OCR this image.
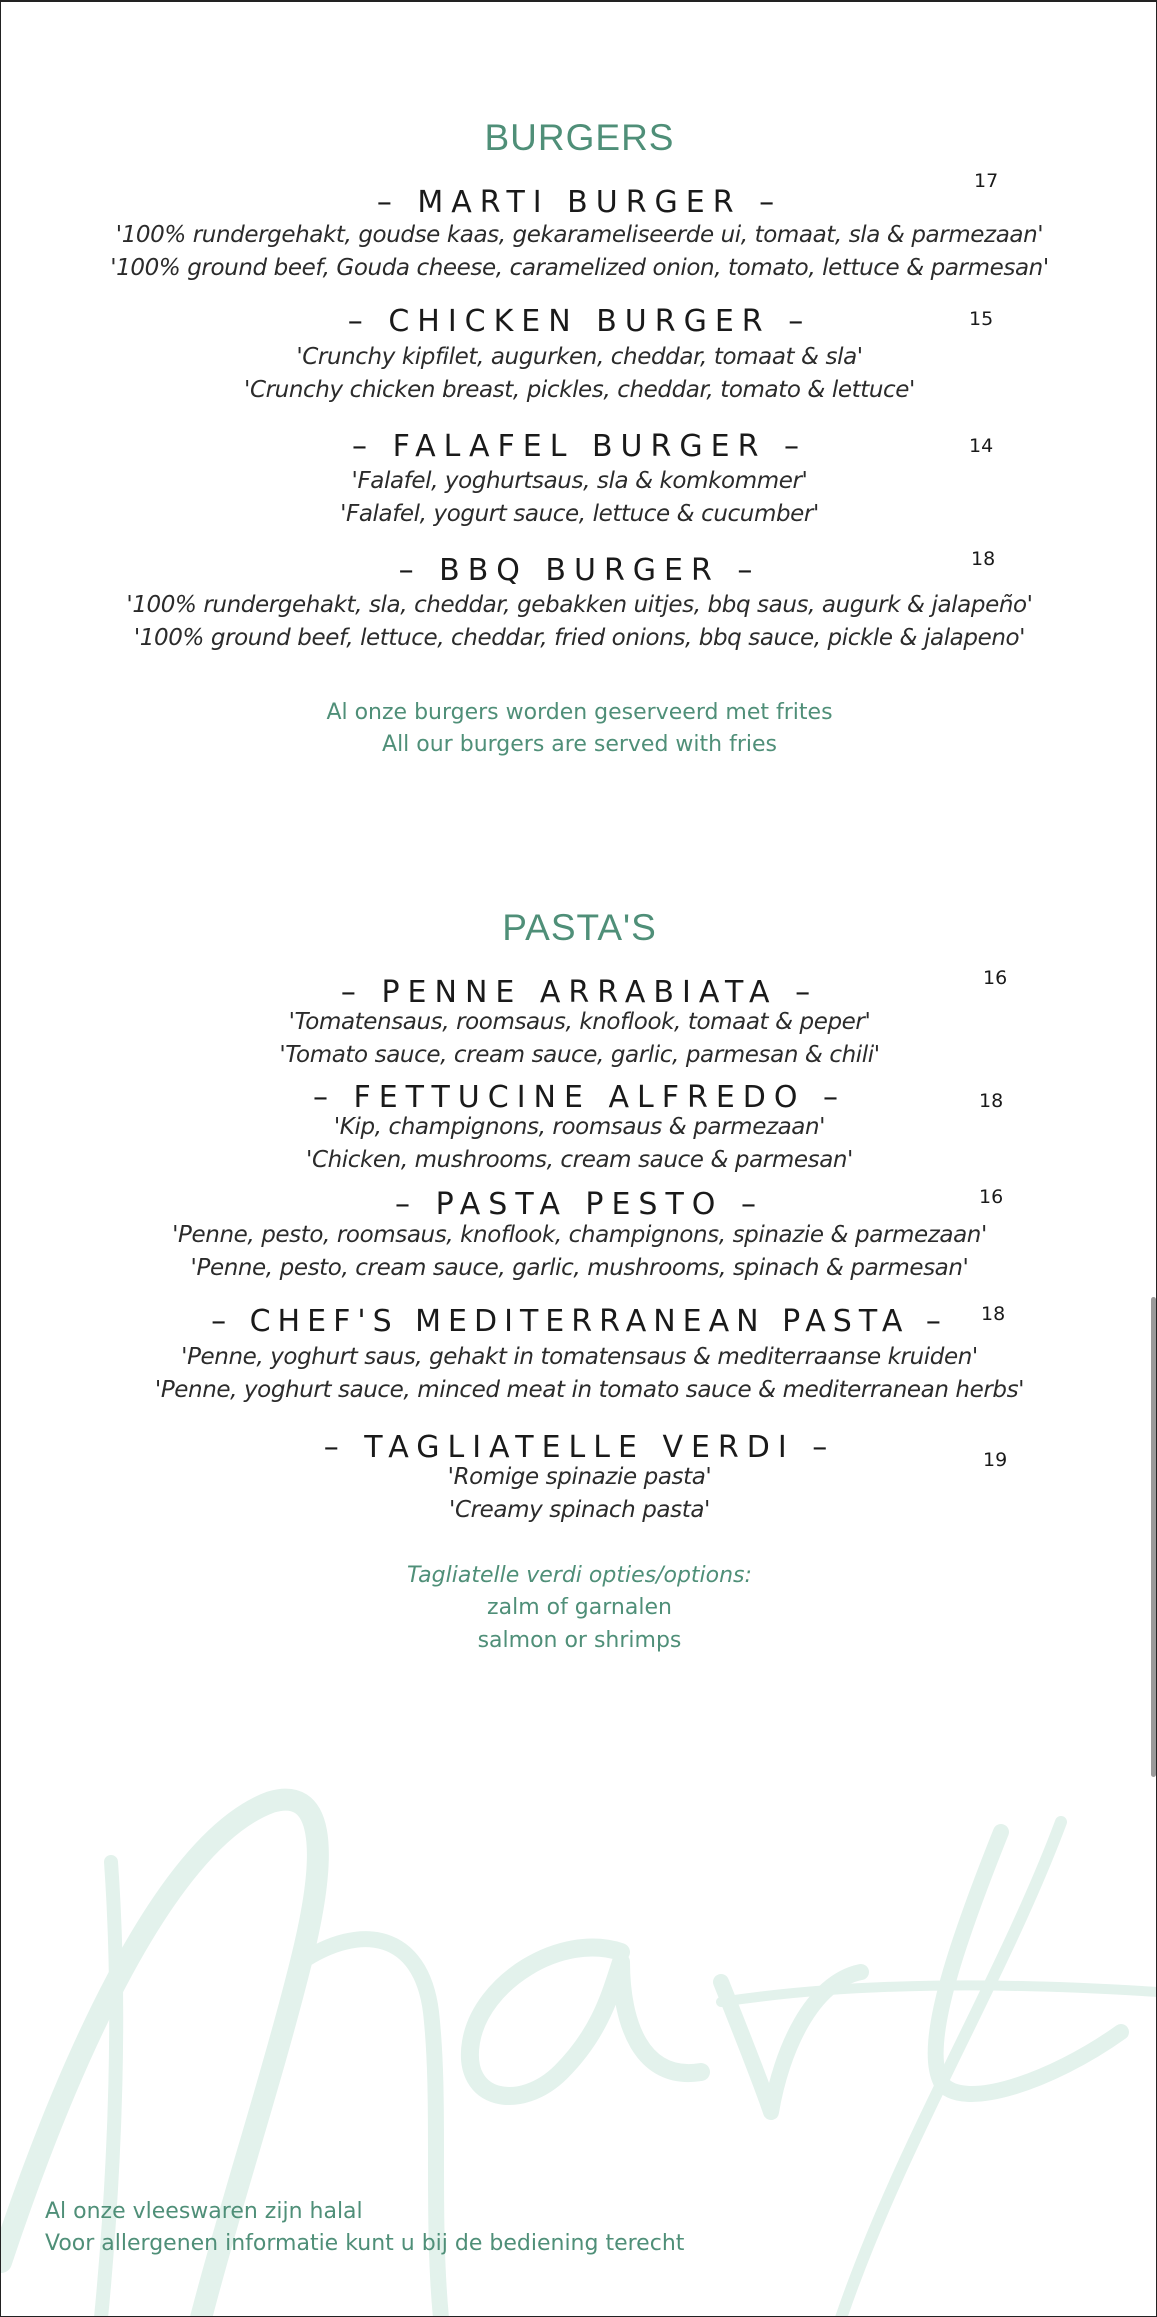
BURGERS
– MARTI BURGER –
17
'100% rundergehakt, goudse kaas, gekarameliseerde ui, tomaat, sla & parmezaan'
'100% ground beef, Gouda cheese, caramelized onion, tomato, lettuce & parmesan'
– CHICKEN BURGER –	15
'Crunchy kipfilet, augurken, cheddar, tomaat & sla'
'Crunchy chicken breast, pickles, cheddar, tomato & lettuce'
– FALAFEL BURGER –	14
'Falafel, yoghurtsaus, sla & komkommer'
'Falafel, yogurt sauce, lettuce & cucumber'
– BBQ BURGER –	18
'100% rundergehakt, sla, cheddar, gebakken uitjes, bbq saus, augurk & jalapeño'
'100% ground beef, lettuce, cheddar, fried onions, bbq sauce, pickle & jalapeno'
Al onze burgers worden geserveerd met frites
All our burgers are served with fries
PASTA'S
– PENNE ARRABIATA –	16
'Tomatensaus, roomsaus, knoflook, tomaat & peper'
'Tomato sauce, cream sauce, garlic, parmesan & chili'
– FETTUCINE ALFREDO –	18
'Kip, champignons, roomsaus & parmezaan'
'Chicken, mushrooms, cream sauce & parmesan'
– PASTA PESTO –	16
'Penne, pesto, roomsaus, knoflook, champignons, spinazie & parmezaan'
'Penne, pesto, cream sauce, garlic, mushrooms, spinach & parmesan'
– CHEF'S MEDITERRANEAN PASTA –	18
'Penne, yoghurt saus, gehakt in tomatensaus & mediterraanse kruiden'
'Penne, yoghurt sauce, minced meat in tomato sauce & mediterranean herbs'
– TAGLIATELLE VERDI –	19
'Romige spinazie pasta'
'Creamy spinach pasta'
Tagliatelle verdi opties/options:
zalm of garnalen
salmon or shrimps
Al onze vleeswaren zijn halal
Voor allergenen informatie kunt u bij de bediening terecht
